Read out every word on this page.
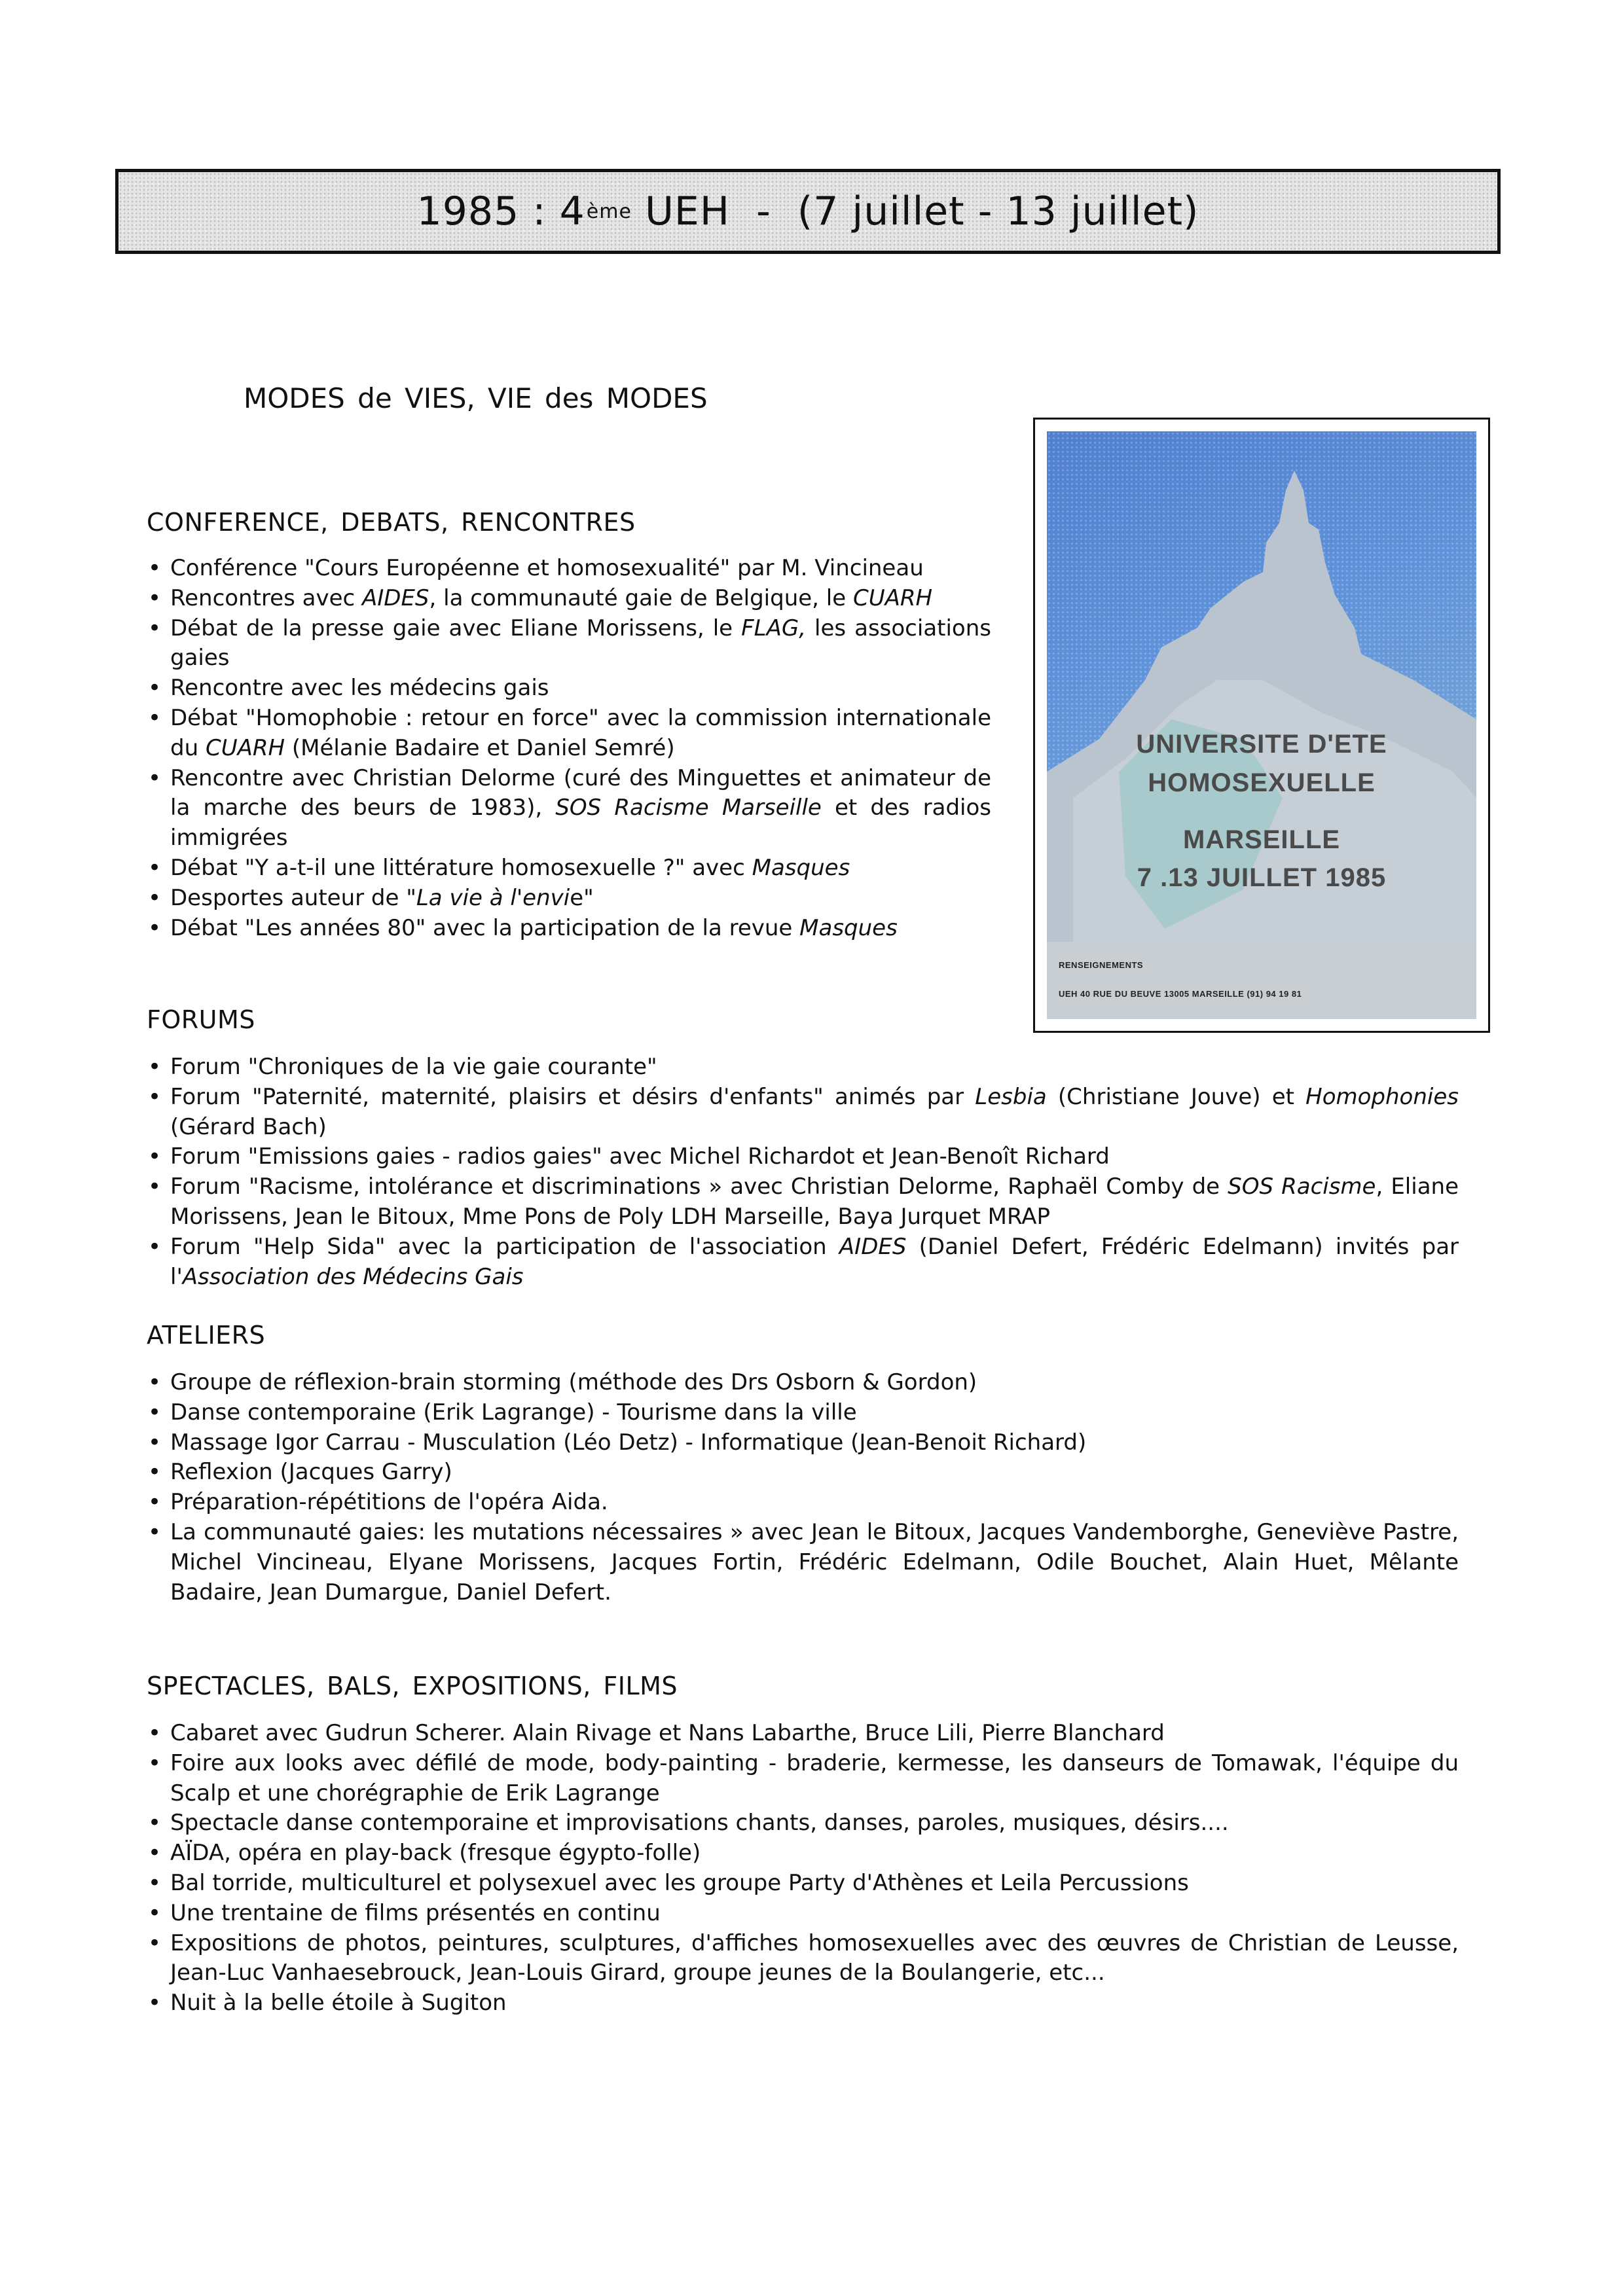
1985 : 4 ème UEH  -  (7 juillet - 13 juillet)
MODES de VIES, VIE des MODES
UNIVERSITE D'ETE
HOMOSEXUELLE
MARSEILLE
7 .13 JUILLET 1985
RENSEIGNEMENTS
UEH 40 RUE DU BEUVE 13005 MARSEILLE (91) 94 19 81
CONFERENCE, DEBATS, RENCONTRES
• Conférence "Cours Européenne et homosexualité" par M. Vincineau
• Rencontres avec AIDES, la communauté gaie de Belgique, le CUARH
• Débat de la presse gaie avec Eliane Morissens, le FLAG, les associations gaies
• Rencontre avec les médecins gais
• Débat "Homophobie : retour en force" avec la commission internationale du CUARH (Mélanie Badaire et Daniel Semré)
• Rencontre avec Christian Delorme (curé des Minguettes et animateur de la marche des beurs de 1983), SOS Racisme Marseille et des radios immigrées
• Débat "Y a-t-il une littérature homosexuelle ?" avec Masques
• Desportes auteur de "La vie à l'envie"
• Débat "Les années 80" avec la participation de la revue Masques
FORUMS
• Forum "Chroniques de la vie gaie courante"
• Forum "Paternité, maternité, plaisirs et désirs d'enfants" animés par Lesbia (Christiane Jouve) et Homophonies (Gérard Bach)
• Forum "Emissions gaies - radios gaies" avec Michel Richardot et Jean-Benoît Richard
• Forum "Racisme, intolérance et discriminations » avec Christian Delorme, Raphaël Comby de SOS Racisme, Eliane Morissens, Jean le Bitoux, Mme Pons de Poly LDH Marseille, Baya Jurquet MRAP
• Forum "Help Sida" avec la participation de l'association AIDES (Daniel Defert, Frédéric Edelmann) invités par l'Association des Médecins Gais
ATELIERS
• Groupe de réflexion-brain storming (méthode des Drs Osborn & Gordon)
• Danse contemporaine (Erik Lagrange) - Tourisme dans la ville
• Massage Igor Carrau - Musculation (Léo Detz) - Informatique (Jean-Benoit Richard)
• Reflexion (Jacques Garry)
• Préparation-répétitions de l'opéra Aida.
• La communauté gaies: les mutations nécessaires » avec Jean le Bitoux, Jacques Vandemborghe, Geneviève Pastre, Michel Vincineau, Elyane Morissens, Jacques Fortin, Frédéric Edelmann, Odile Bouchet, Alain Huet, Mêlante Badaire, Jean Dumargue, Daniel Defert.
SPECTACLES, BALS, EXPOSITIONS, FILMS
• Cabaret avec Gudrun Scherer. Alain Rivage et Nans Labarthe, Bruce Lili, Pierre Blanchard
• Foire aux looks avec défilé de mode, body-painting - braderie, kermesse, les danseurs de Tomawak, l'équipe du Scalp et une chorégraphie de Erik Lagrange
• Spectacle danse contemporaine et improvisations chants, danses, paroles, musiques, désirs....
• AÏDA, opéra en play-back (fresque égypto-folle)
• Bal torride, multiculturel et polysexuel avec les groupe Party d'Athènes et Leila Percussions
• Une trentaine de films présentés en continu
• Expositions de photos, peintures, sculptures, d'affiches homosexuelles avec des œuvres de Christian de Leusse, Jean-Luc Vanhaesebrouck, Jean-Louis Girard, groupe jeunes de la Boulangerie, etc...
• Nuit à la belle étoile à Sugiton
